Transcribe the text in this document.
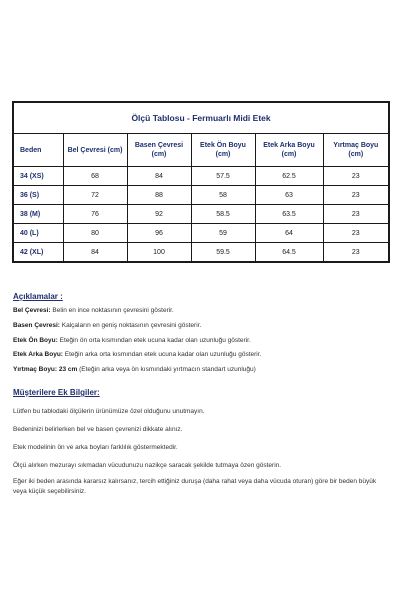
Ölçü Tablosu - Fermuarlı Midi Etek					
Beden	Bel Çevresi (cm)	Basen Çevresi (cm)	Etek Ön Boyu (cm)	Etek Arka Boyu (cm)	Yırtmaç Boyu (cm)
34 (XS)	68	84	57.5	62.5	23
36 (S)	72	88	58	63	23
38 (M)	76	92	58.5	63.5	23
40 (L)	80	96	59	64	23
42 (XL)	84	100	59.5	64.5	23

Açıklamalar :

Bel Çevresi: Belin en ince noktasının çevresini gösterir.

Basen Çevresi: Kalçaların en geniş noktasının çevresini gösterir.

Etek Ön Boyu: Eteğin ön orta kısmından etek ucuna kadar olan uzunluğu gösterir.

Etek Arka Boyu: Eteğin arka orta kısmından etek ucuna kadar olan uzunluğu gösterir.

Yırtmaç Boyu: 23 cm (Eteğin arka veya ön kısmındaki yırtmacın standart uzunluğu)

Müşterilere Ek Bilgiler:

Lütfen bu tablodaki ölçülerin ürünümüze özel olduğunu unutmayın.

Bedeninizi belirlerken bel ve basen çevrenizi dikkate alınız.

Etek modelinin ön ve arka boyları farklılık göstermektedir.

Ölçü alırken mezurayı sıkmadan vücudunuzu nazikçe saracak şekilde tutmaya özen gösterin.

Eğer iki beden arasında kararsız kalırsanız, tercih ettiğiniz duruşa (daha rahat veya daha vücuda oturan) göre bir beden büyük veya küçük seçebilirsiniz.
